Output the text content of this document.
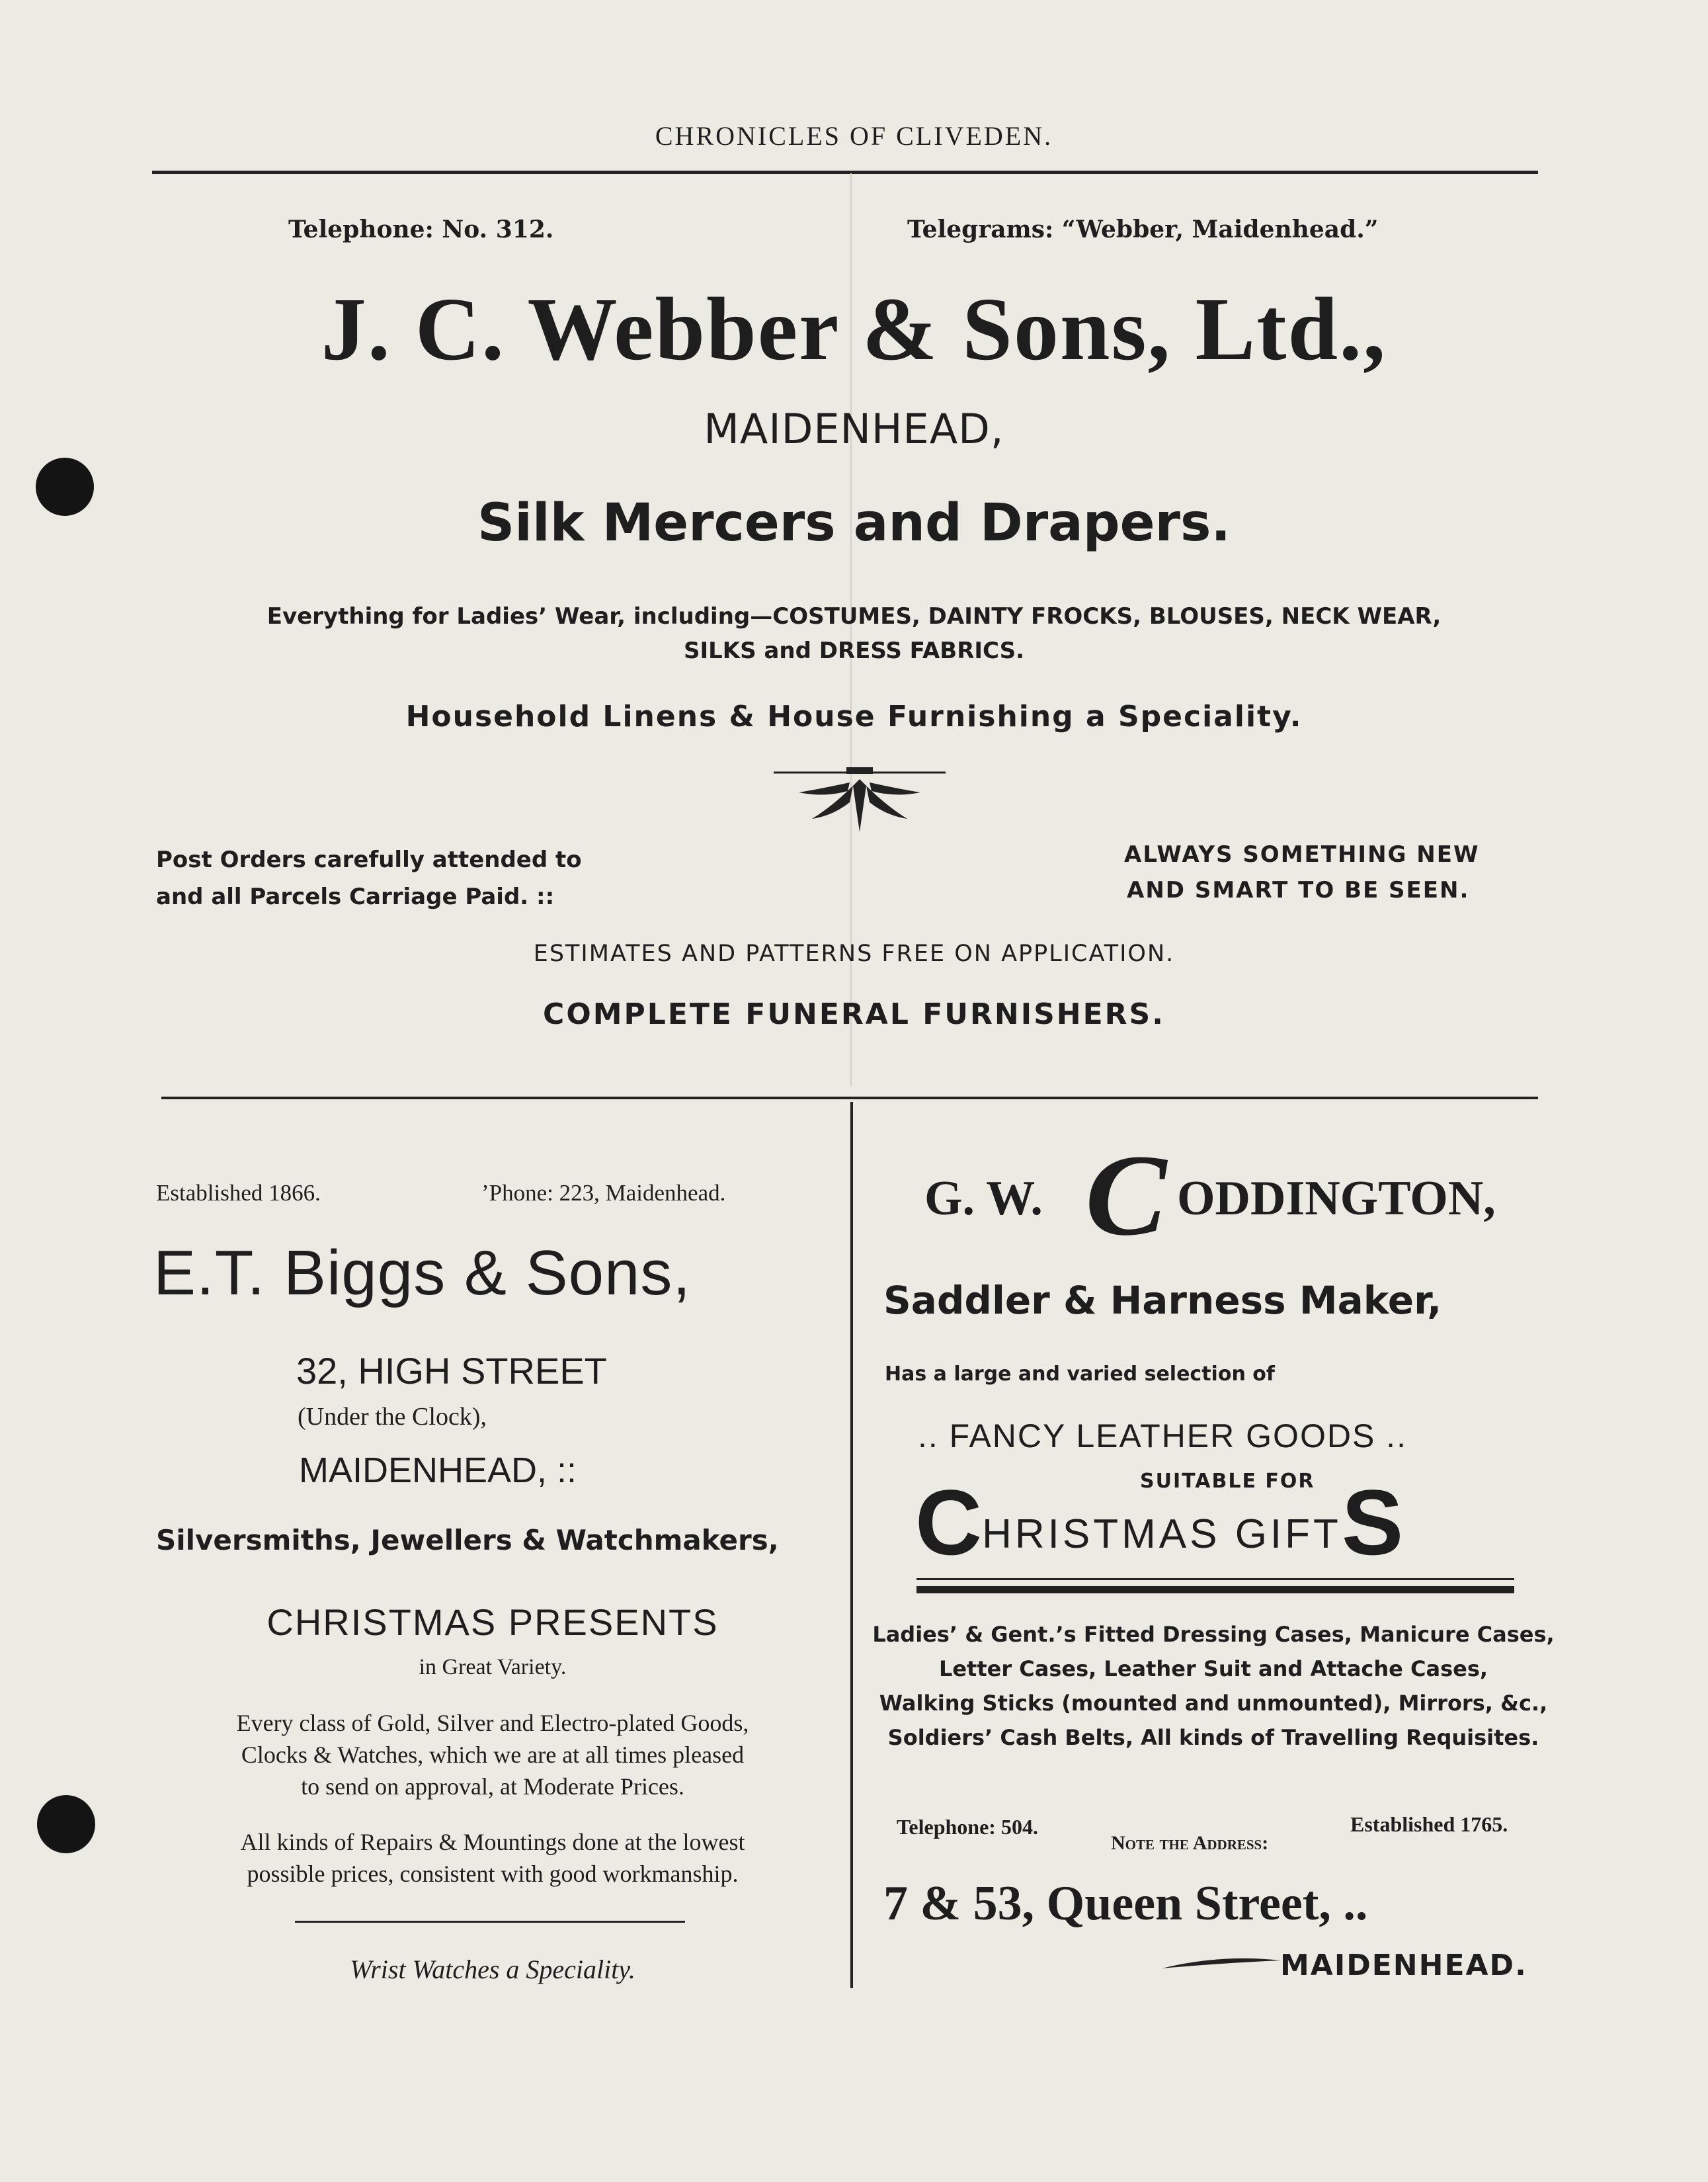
CHRONICLES OF CLIVEDEN.
Telephone: No. 312.	Telegrams: “Webber, Maidenhead.”
J. C. Webber & Sons, Ltd.,
MAIDENHEAD,
Silk Mercers and Drapers.
Everything for Ladies’ Wear, including—COSTUMES, DAINTY FROCKS, BLOUSES, NECK WEAR,
SILKS and DRESS FABRICS.
Household Linens & House Furnishing a Speciality.
Post Orders carefully attended to
and all Parcels Carriage Paid. ::
ALWAYS SOMETHING NEW
AND SMART TO BE SEEN.
ESTIMATES AND PATTERNS FREE ON APPLICATION.
COMPLETE FUNERAL FURNISHERS.
Established 1866.	’Phone: 223, Maidenhead.
E.T. Biggs & Sons,
32, HIGH STREET
(Under the Clock),
MAIDENHEAD, ::
Silversmiths, Jewellers & Watchmakers,
CHRISTMAS PRESENTS
in Great Variety.
Every class of Gold, Silver and Electro-plated Goods,
Clocks & Watches, which we are at all times pleased
to send on approval, at Moderate Prices.
All kinds of Repairs & Mountings done at the lowest
possible prices, consistent with good workmanship.
Wrist Watches a Speciality.
G. W. C ODDINGTON,
Saddler & Harness Maker,
Has a large and varied selection of
.. FANCY LEATHER GOODS ..
SUITABLE FOR
CHRISTMAS GIFTS
Ladies’ & Gent.’s Fitted Dressing Cases, Manicure Cases,
Letter Cases, Leather Suit and Attache Cases,
Walking Sticks (mounted and unmounted), Mirrors, &c.,
Soldiers’ Cash Belts, All kinds of Travelling Requisites.
Telephone: 504.	Established 1765.
Note the Address:
7 & 53, Queen Street, ..
MAIDENHEAD.
